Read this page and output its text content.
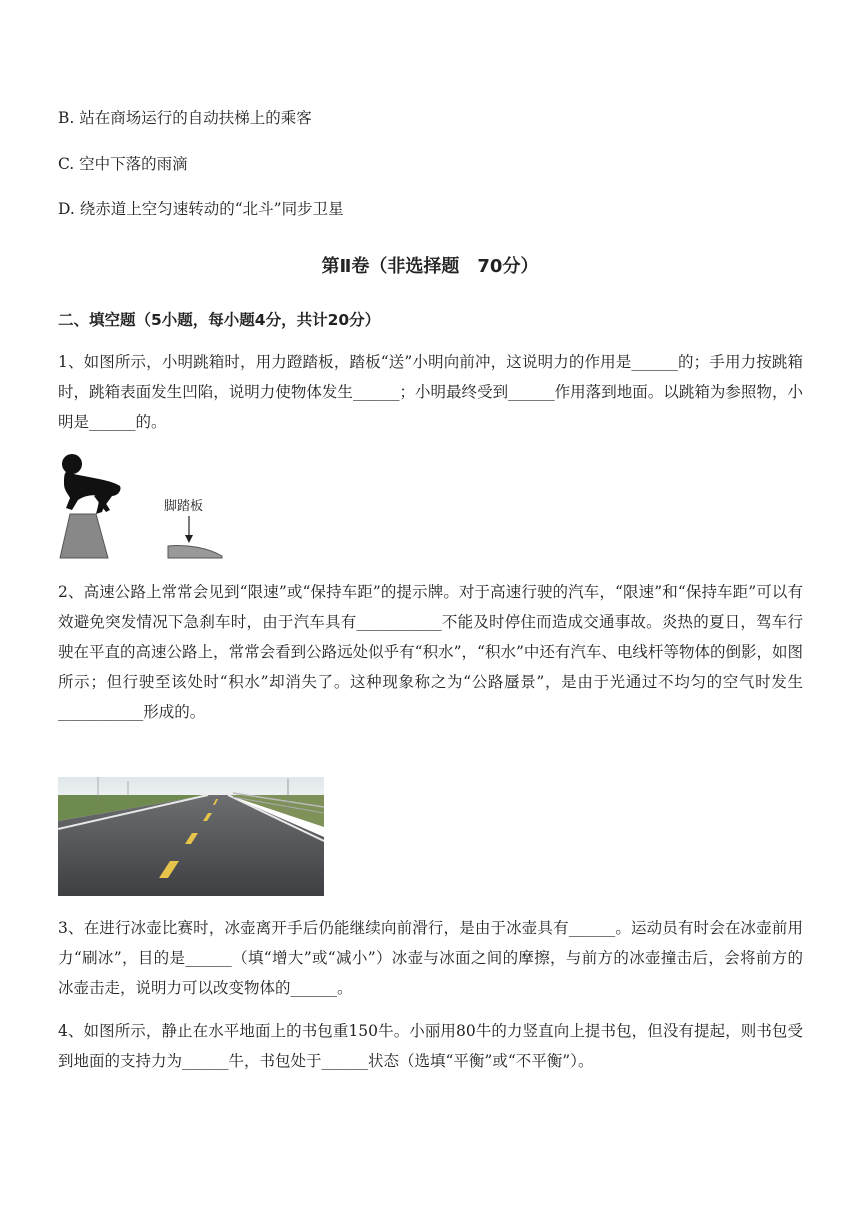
B. 站在商场运行的自动扶梯上的乘客
C. 空中下落的雨滴
D. 绕赤道上空匀速转动的“北斗”同步卫星
第Ⅱ卷（非选择题　70分）
二、填空题（5小题，每小题4分，共计20分）
1、如图所示，小明跳箱时，用力蹬踏板，踏板“送”小明向前冲，这说明力的作用是______的；手用力按跳箱时，跳箱表面发生凹陷，说明力使物体发生______；小明最终受到______作用落到地面。以跳箱为参照物，小明是______的。
脚踏板
2、高速公路上常常会见到“限速”或“保持车距”的提示牌。对于高速行驶的汽车，“限速”和“保持车距”可以有效避免突发情况下急刹车时，由于汽车具有___________不能及时停住而造成交通事故。炎热的夏日，驾车行驶在平直的高速公路上，常常会看到公路远处似乎有“积水”，“积水”中还有汽车、电线杆等物体的倒影，如图所示；但行驶至该处时“积水”却消失了。这种现象称之为“公路蜃景”，是由于光通过不均匀的空气时发生___________形成的。
3、在进行冰壶比赛时，冰壶离开手后仍能继续向前滑行，是由于冰壶具有______。运动员有时会在冰壶前用力“刷冰”，目的是______（填“增大”或“减小”）冰壶与冰面之间的摩擦，与前方的冰壶撞击后，会将前方的冰壶击走，说明力可以改变物体的______。
4、如图所示，静止在水平地面上的书包重150牛。小丽用80牛的力竖直向上提书包，但没有提起，则书包受到地面的支持力为______牛，书包处于______状态（选填“平衡”或“不平衡”）。
